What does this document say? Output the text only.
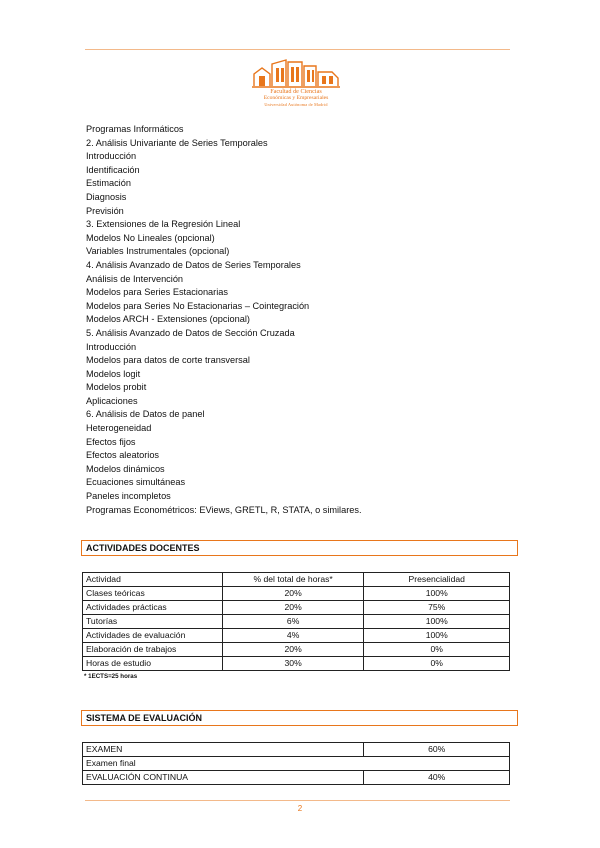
Facultad de Ciencias
Económicas y Empresariales
Universidad Autónoma de Madrid
Programas Informáticos
2. Análisis Univariante de Series Temporales
Introducción
Identificación
Estimación
Diagnosis
Previsión
3. Extensiones de la Regresión Lineal
Modelos No Lineales (opcional)
Variables Instrumentales (opcional)
4. Análisis Avanzado de Datos de Series Temporales
Análisis de Intervención
Modelos para Series Estacionarias
Modelos para Series No Estacionarias – Cointegración
Modelos ARCH - Extensiones (opcional)
5. Análisis Avanzado de Datos de Sección Cruzada
Introducción
Modelos para datos de corte transversal
Modelos logit
Modelos probit
Aplicaciones
6. Análisis de Datos de panel
Heterogeneidad
Efectos fijos
Efectos aleatorios
Modelos dinámicos
Ecuaciones simultáneas
Paneles incompletos
Programas Econométricos: EViews, GRETL, R, STATA, o similares.
ACTIVIDADES DOCENTES
Actividad	% del total de horas*	Presencialidad
Clases teóricas	20%	100%
Actividades prácticas	20%	75%
Tutorías	6%	100%
Actividades de evaluación	4%	100%
Elaboración de trabajos	20%	0%
Horas de estudio	30%	0%
* 1ECTS=25 horas
SISTEMA DE EVALUACIÓN
EXAMEN	60%
Examen final	
EVALUACIÓN CONTINUA	40%
2
